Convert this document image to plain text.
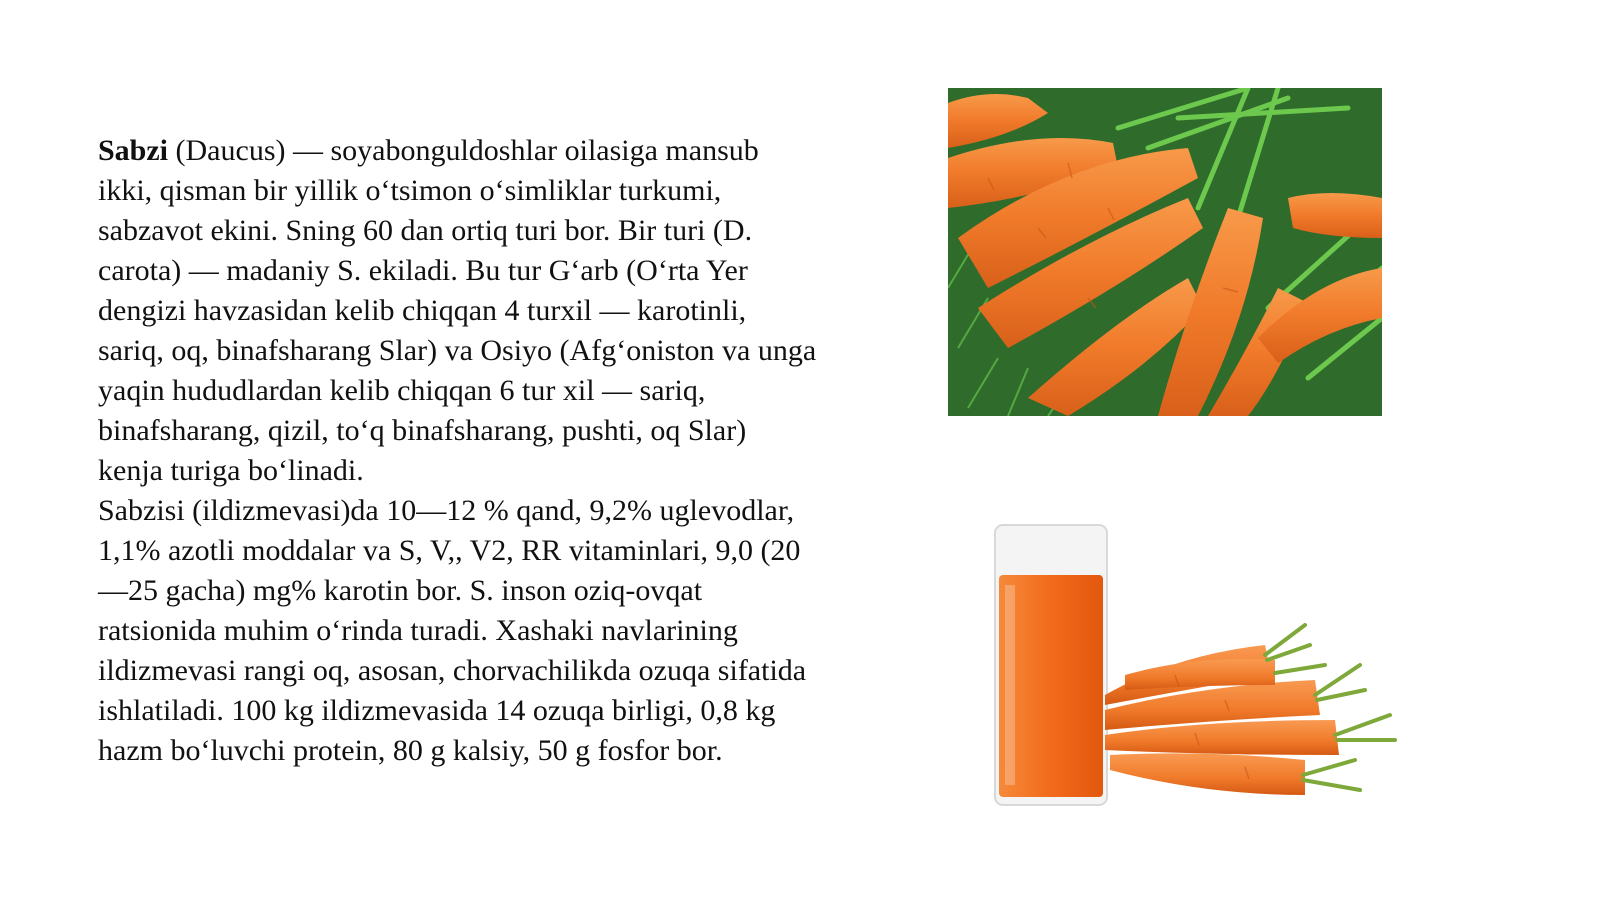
Sabzi (Daucus) — soyabonguldoshlar oilasiga mansub ikki, qisman bir yillik oʻtsimon oʻsimliklar turkumi, sabzavot ekini. Sning 60 dan ortiq turi bor. Bir turi (D. carota) — madaniy S. ekiladi. Bu tur Gʻarb (Oʻrta Yer dengizi havzasidan kelib chiqqan 4 turxil — karotinli, sariq, oq, binafsharang Slar) va Osiyo (Afgʻoniston va unga yaqin hududlardan kelib chiqqan 6 tur xil — sariq, binafsharang, qizil, toʻq binafsharang, pushti, oq Slar) kenja turiga boʻlinadi.

Sabzisi (ildizmevasi)da 10—12 % qand, 9,2% uglevodlar, 1,1% azotli moddalar va S, V,, V2, RR vitaminlari, 9,0 (20—25 gacha) mg% karotin bor. S. inson oziq-ovqat ratsionida muhim oʻrinda turadi. Xashaki navlarining ildizmevasi rangi oq, asosan, chorvachilikda ozuqa sifatida ishlatiladi. 100 kg ildizmevasida 14 ozuqa birligi, 0,8 kg hazm boʻluvchi protein, 80 g kalsiy, 50 g fosfor bor.
